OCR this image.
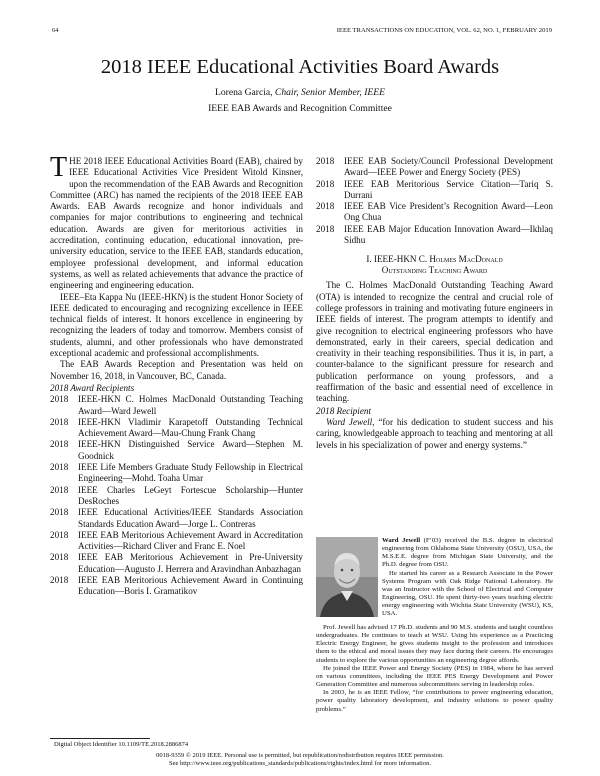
64	IEEE TRANSACTIONS ON EDUCATION, VOL. 62, NO. 1, FEBRUARY 2019
2018 IEEE Educational Activities Board Awards
Lorena Garcia, Chair, Senior Member, IEEE
IEEE EAB Awards and Recognition Committee

THE 2018 IEEE Educational Activities Board (EAB), chaired by IEEE Educational Activities Vice President Witold Kinsner, upon the recommendation of the EAB Awards and Recognition Committee (ARC) has named the recipients of the 2018 IEEE EAB Awards. EAB Awards recognize and honor individuals and companies for major contributions to engineering and technical education. Awards are given for meritorious activities in accreditation, continuing education, educational innovation, pre-university education, service to the IEEE EAB, standards education, employee professional development, and informal education systems, as well as related achievements that advance the practice of engineering and engineering education.

IEEE–Eta Kappa Nu (IEEE-HKN) is the student Honor Society of IEEE dedicated to encouraging and recognizing excellence in IEEE technical fields of interest. It honors excellence in engineering by recognizing the leaders of today and tomorrow. Members consist of students, alumni, and other professionals who have demonstrated exceptional academic and professional accomplishments.

The EAB Awards Reception and Presentation was held on November 16, 2018, in Vancouver, BC, Canada.

2018 Award Recipients

2018	IEEE-HKN C. Holmes MacDonald Outstanding Teaching Award—Ward Jewell
2018	IEEE-HKN Vladimir Karapetoff Outstanding Technical Achievement Award—Mau-Chung Frank Chang
2018	IEEE-HKN Distinguished Service Award—Stephen M. Goodnick
2018	IEEE Life Members Graduate Study Fellowship in Electrical Engineering—Mohd. Toaha Umar
2018	IEEE Charles LeGeyt Fortescue Scholarship—Hunter DesRoches
2018	IEEE Educational Activities/IEEE Standards Association Standards Education Award—Jorge L. Contreras
2018	IEEE EAB Meritorious Achievement Award in Accreditation Activities—Richard Cliver and Franc E. Noel
2018	IEEE EAB Meritorious Achievement in Pre-University Education—Augusto J. Herrera and Aravindhan Anbazhagan
2018	IEEE EAB Meritorious Achievement Award in Continuing Education—Boris I. Gramatikov
2018	IEEE EAB Society/Council Professional Development Award—IEEE Power and Energy Society (PES)
2018	IEEE EAB Meritorious Service Citation—Tariq S. Durrani
2018	IEEE EAB Vice President’s Recognition Award—Leon Ong Chua
2018	IEEE EAB Major Education Innovation Award—Ikhlaq Sidhu
I. IEEE-HKN C. Holmes MacDonald
Outstanding Teaching Award

The C. Holmes MacDonald Outstanding Teaching Award (OTA) is intended to recognize the central and crucial role of college professors in training and motivating future engineers in IEEE fields of interest. The program attempts to identify and give recognition to electrical engineering professors who have demonstrated, early in their careers, special dedication and creativity in their teaching responsibilities. Thus it is, in part, a counter-balance to the significant pressure for research and publication performance on young professors, and a reaffirmation of the basic and essential need of excellence in teaching.

2018 Recipient

Ward Jewell, “for his dedication to student success and his caring, knowledgeable approach to teaching and mentoring at all levels in his specialization of power and energy systems.”

Ward Jewell (F’03) received the B.S. degree in electrical engineering from Oklahoma State University (OSU), USA, the M.S.E.E. degree from Michigan State University, and the Ph.D. degree from OSU.

He started his career as a Research Associate in the Power Systems Program with Oak Ridge National Laboratory. He was an Instructor with the School of Electrical and Computer Engineering, OSU. He spent thirty-two years teaching electric energy engineering with Wichita State University (WSU), KS, USA.

Prof. Jewell has advised 17 Ph.D. students and 90 M.S. students and taught countless undergraduates. He continues to teach at WSU. Using his experience as a Practicing Electric Energy Engineer, he gives students insight to the profession and introduces them to the ethical and moral issues they may face during their careers. He encourages students to explore the various opportunities an engineering degree affords.

He joined the IEEE Power and Energy Society (PES) in 1984, where he has served on various committees, including the IEEE PES Energy Development and Power Generation Committee and numerous subcommittees serving in leadership roles.

In 2003, he is an IEEE Fellow, “for contributions to power engineering education, power quality laboratory development, and industry solutions to power quality problems.”

0018-9359 © 2019 IEEE. Personal use is permitted, but republication/redistribution requires IEEE permission.
See http://www.ieee.org/publications_standards/publications/rights/index.html for more information.
Digital Object Identifier 10.1109/TE.2018.2886874
